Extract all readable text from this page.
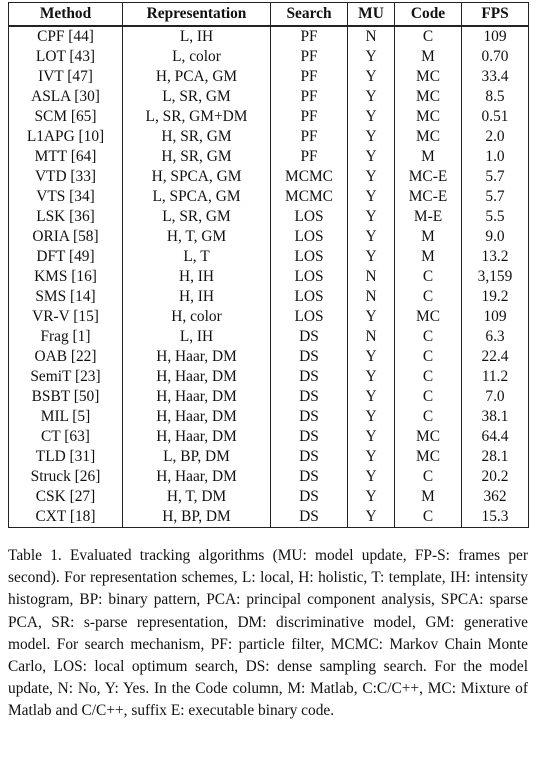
Method	Representation	Search	MU	Code	FPS
CPF [44]	L, IH	PF	N	C	109
LOT [43]	L, color	PF	Y	M	0.70
IVT [47]	H, PCA, GM	PF	Y	MC	33.4
ASLA [30]	L, SR, GM	PF	Y	MC	8.5
SCM [65]	L, SR, GM+DM	PF	Y	MC	0.51
L1APG [10]	H, SR, GM	PF	Y	MC	2.0
MTT [64]	H, SR, GM	PF	Y	M	1.0
VTD [33]	H, SPCA, GM	MCMC	Y	MC-E	5.7
VTS [34]	L, SPCA, GM	MCMC	Y	MC-E	5.7
LSK [36]	L, SR, GM	LOS	Y	M-E	5.5
ORIA [58]	H, T, GM	LOS	Y	M	9.0
DFT [49]	L, T	LOS	Y	M	13.2
KMS [16]	H, IH	LOS	N	C	3,159
SMS [14]	H, IH	LOS	N	C	19.2
VR-V [15]	H, color	LOS	Y	MC	109
Frag [1]	L, IH	DS	N	C	6.3
OAB [22]	H, Haar, DM	DS	Y	C	22.4
SemiT [23]	H, Haar, DM	DS	Y	C	11.2
BSBT [50]	H, Haar, DM	DS	Y	C	7.0
MIL [5]	H, Haar, DM	DS	Y	C	38.1
CT [63]	H, Haar, DM	DS	Y	MC	64.4
TLD [31]	L, BP, DM	DS	Y	MC	28.1
Struck [26]	H, Haar, DM	DS	Y	C	20.2
CSK [27]	H, T, DM	DS	Y	M	362
CXT [18]	H, BP, DM	DS	Y	C	15.3

Table 1. Evaluated tracking algorithms (MU: model update, FP-S: frames per second). For representation schemes, L: local, H: holistic, T: template, IH: intensity histogram, BP: binary pattern, PCA: principal component analysis, SPCA: sparse PCA, SR: s-parse representation, DM: discriminative model, GM: generative model. For search mechanism, PF: particle filter, MCMC: Markov Chain Monte Carlo, LOS: local optimum search, DS: dense sampling search. For the model update, N: No, Y: Yes. In the Code column, M: Matlab, C:C/C++, MC: Mixture of Matlab and C/C++, suffix E: executable binary code.
